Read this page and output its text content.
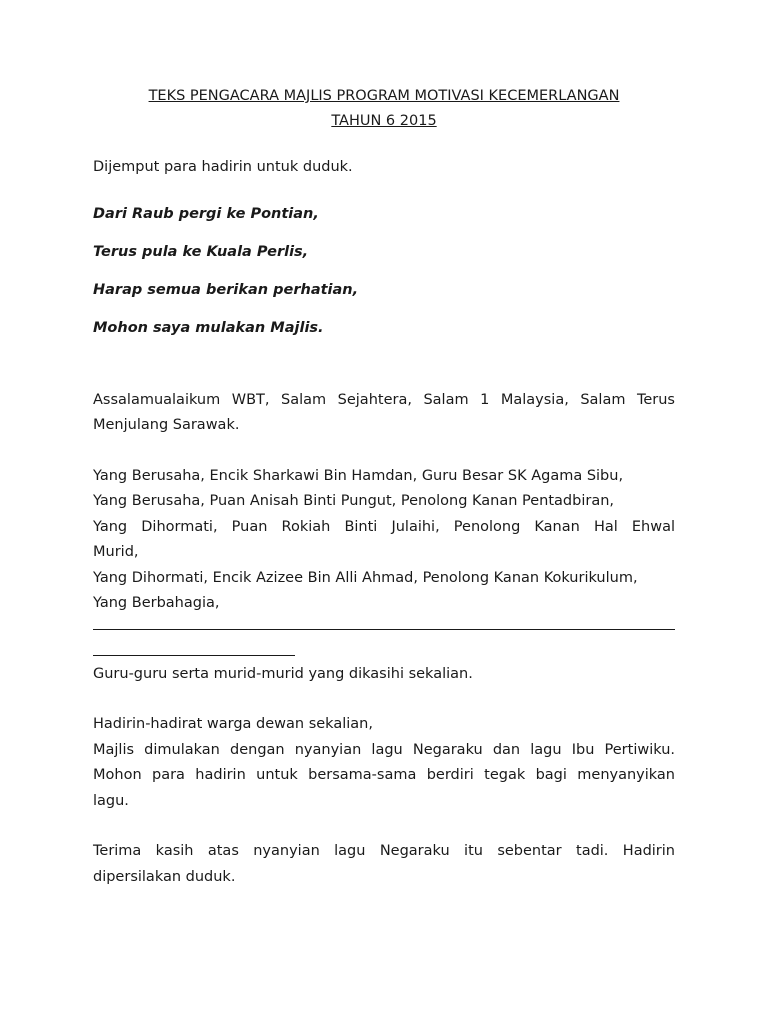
TEKS PENGACARA MAJLIS PROGRAM MOTIVASI KECEMERLANGAN
TAHUN 6 2015

Dijemput para hadirin untuk duduk.

Dari Raub pergi ke Pontian,

Terus pula ke Kuala Perlis,

Harap semua berikan perhatian,

Mohon saya mulakan Majlis.

Assalamualaikum WBT, Salam Sejahtera, Salam 1 Malaysia, Salam Terus

Menjulang Sarawak.

Yang Berusaha, Encik Sharkawi Bin Hamdan, Guru Besar SK Agama Sibu,

Yang Berusaha, Puan Anisah Binti Pungut, Penolong Kanan Pentadbiran,

Yang Dihormati, Puan Rokiah Binti Julaihi, Penolong Kanan Hal Ehwal

Murid,

Yang Dihormati, Encik Azizee Bin Alli Ahmad, Penolong Kanan Kokurikulum,

Yang Berbahagia,

Guru-guru serta murid-murid yang dikasihi sekalian.

Hadirin-hadirat warga dewan sekalian,

Majlis dimulakan dengan nyanyian lagu Negaraku dan lagu Ibu Pertiwiku.

Mohon para hadirin untuk bersama-sama berdiri tegak bagi menyanyikan

lagu.

Terima kasih atas nyanyian lagu Negaraku itu sebentar tadi. Hadirin

dipersilakan duduk.
